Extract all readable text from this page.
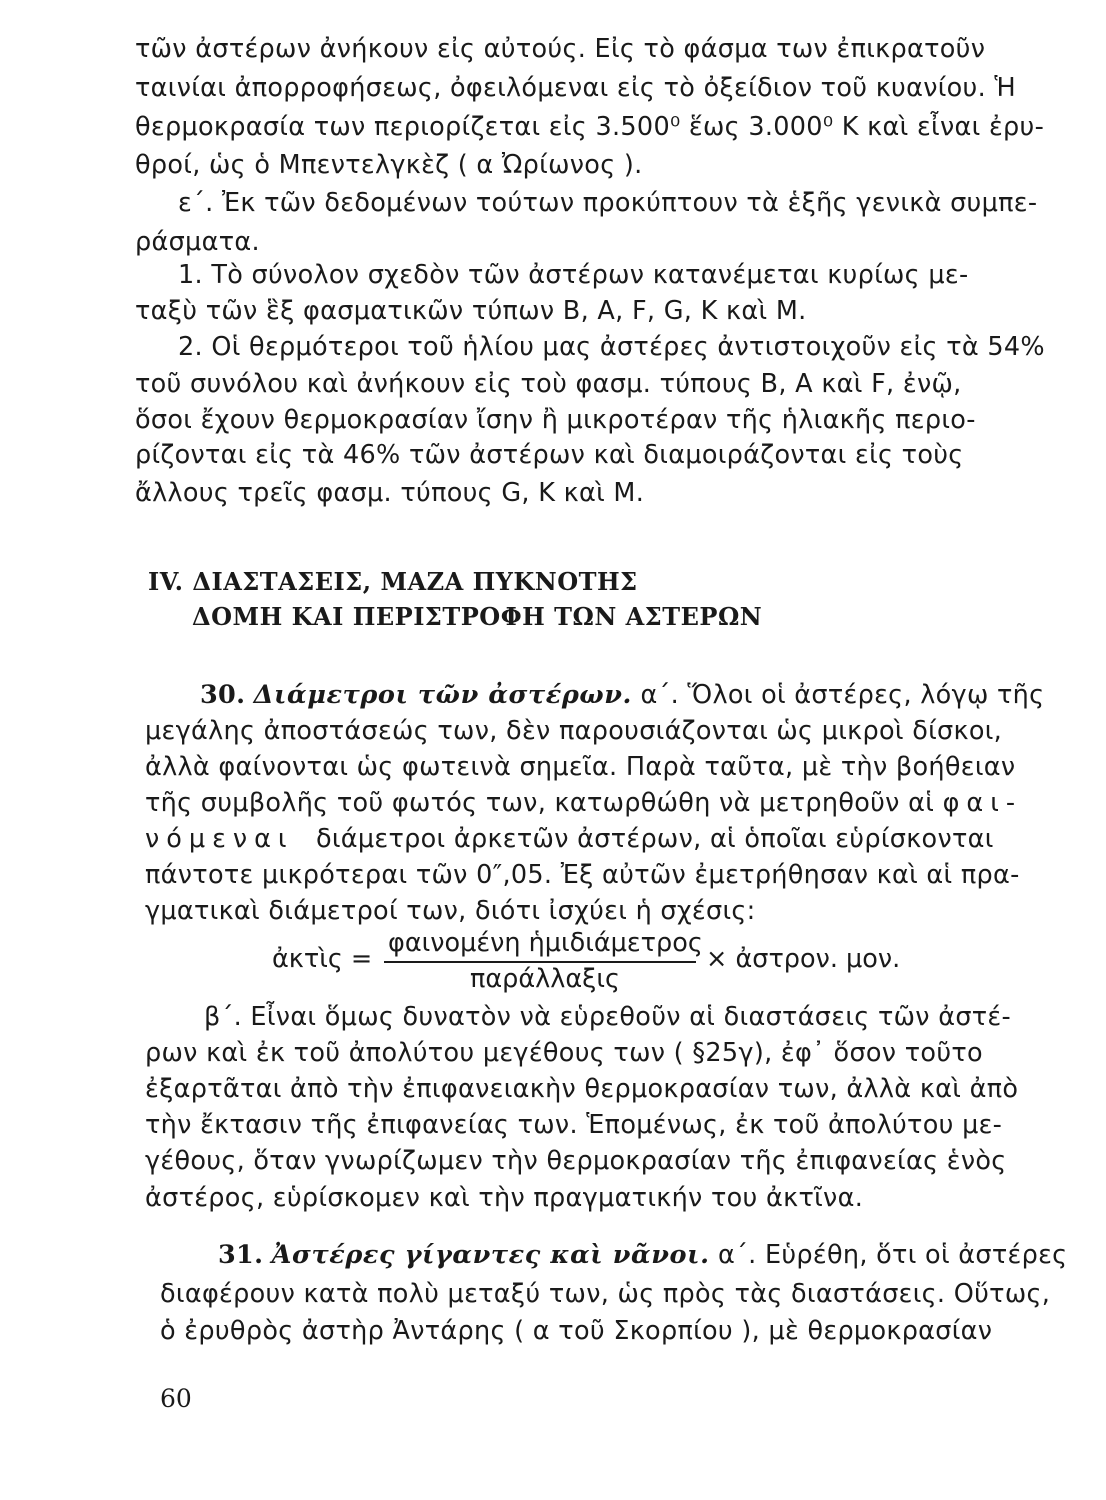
τῶν ἀστέρων ἀνήκουν εἰς αὐτούς. Εἰς τὸ φάσμα των ἐπικρατοῦν
ταινίαι ἀπορροφήσεως, ὀφειλόμεναι εἰς τὸ ὀξείδιον τοῦ κυανίου. Ἡ
θερμοκρασία των περιορίζεται εἰς 3.500⁰ ἕως 3.000⁰ Κ καὶ εἶναι ἐρυ-
θροί, ὡς ὁ Μπεντελγκὲζ ( α Ὠρίωνος ).
ε΄. Ἐκ τῶν δεδομένων τούτων προκύπτουν τὰ ἑξῆς γενικὰ συμπε-
ράσματα.
1. Τὸ σύνολον σχεδὸν τῶν ἀστέρων κατανέμεται κυρίως με-
ταξὺ τῶν ἓξ φασματικῶν τύπων B, A, F, G, K καὶ M.
2. Οἱ θερμότεροι τοῦ ἡλίου μας ἀστέρες ἀντιστοιχοῦν εἰς τὰ 54%
τοῦ συνόλου καὶ ἀνήκουν εἰς τοὺ φασμ. τύπους B, A καὶ F, ἐνῷ,
ὅσοι ἔχουν θερμοκρασίαν ἴσην ἢ μικροτέραν τῆς ἡλιακῆς περιο-
ρίζονται εἰς τὰ 46% τῶν ἀστέρων καὶ διαμοιράζονται εἰς τοὺς
ἄλλους τρεῖς φασμ. τύπους G, K καὶ M.
IV. ΔΙΑΣΤΑΣΕΙΣ, ΜΑΖΑ ΠΥΚΝΟΤΗΣ
ΔΟΜΗ ΚΑΙ ΠΕΡΙΣΤΡΟΦΗ ΤΩΝ ΑΣΤΕΡΩΝ
30. Διάμετροι τῶν ἀστέρων. α΄. Ὅλοι οἱ ἀστέρες, λόγῳ τῆς
μεγάλης ἀποστάσεώς των, δὲν παρουσιάζονται ὡς μικροὶ δίσκοι,
ἀλλὰ φαίνονται ὡς φωτεινὰ σημεῖα. Παρὰ ταῦτα, μὲ τὴν βοήθειαν
τῆς συμβολῆς τοῦ φωτός των, κατωρθώθη νὰ μετρηθοῦν αἱ φαι-
νόμεναι διάμετροι ἀρκετῶν ἀστέρων, αἱ ὁποῖαι εὑρίσκονται
πάντοτε μικρότεραι τῶν 0″,05. Ἐξ αὐτῶν ἐμετρήθησαν καὶ αἱ πρα-
γματικαὶ διάμετροί των, διότι ἰσχύει ἡ σχέσις:
ἀκτὶς =
φαινομένη ἡμιδιάμετρος
παράλλαξις
× ἀστρον. μον.
β΄. Εἶναι ὅμως δυνατὸν νὰ εὑρεθοῦν αἱ διαστάσεις τῶν ἀστέ-
ρων καὶ ἐκ τοῦ ἀπολύτου μεγέθους των ( §25γ), ἐφ᾽ ὅσον τοῦτο
ἐξαρτᾶται ἀπὸ τὴν ἐπιφανειακὴν θερμοκρασίαν των, ἀλλὰ καὶ ἀπὸ
τὴν ἔκτασιν τῆς ἐπιφανείας των. Ἑπομένως, ἐκ τοῦ ἀπολύτου με-
γέθους, ὅταν γνωρίζωμεν τὴν θερμοκρασίαν τῆς ἐπιφανείας ἑνὸς
ἀστέρος, εὑρίσκομεν καὶ τὴν πραγματικήν του ἀκτῖνα.
31. Ἀστέρες γίγαντες καὶ νᾶνοι. α΄. Εὑρέθη, ὅτι οἱ ἀστέρες
διαφέρουν κατὰ πολὺ μεταξύ των, ὡς πρὸς τὰς διαστάσεις. Οὕτως,
ὁ ἐρυθρὸς ἀστὴρ Ἀντάρης ( α τοῦ Σκορπίου ), μὲ θερμοκρασίαν
60
